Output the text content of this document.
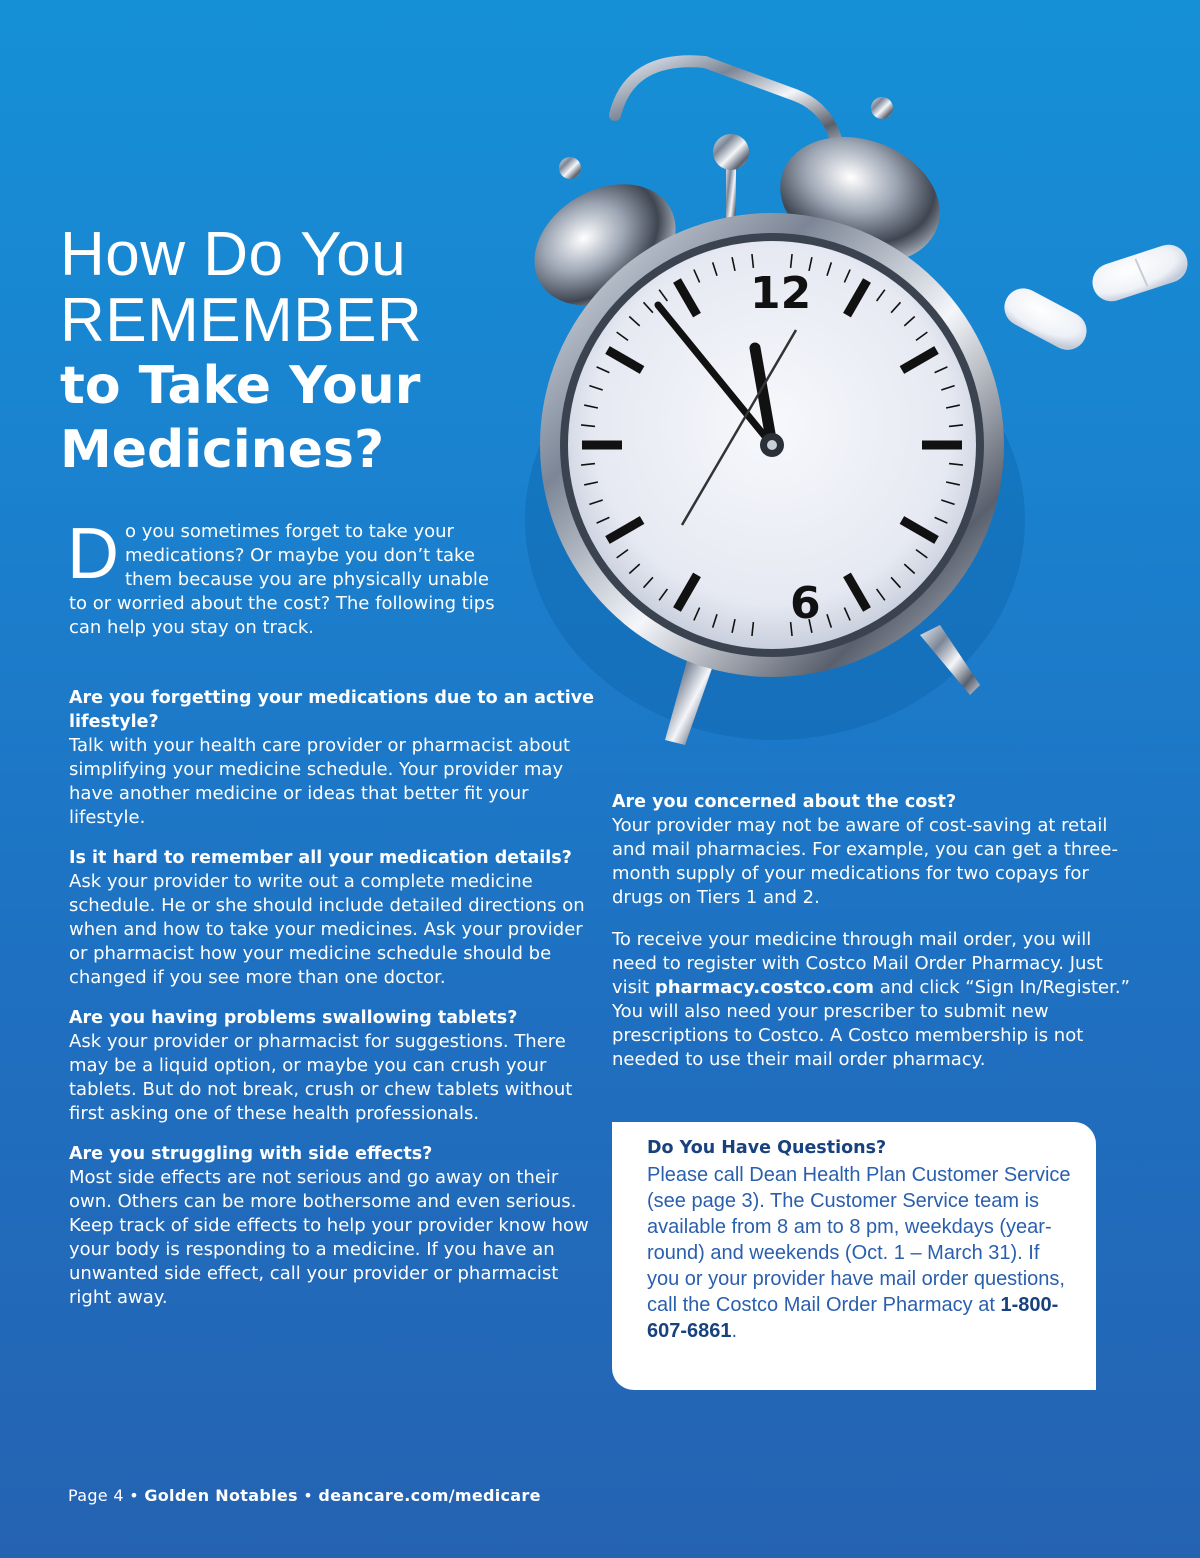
12
6
How Do You
REMEMBER
to Take Your
Medicines?

Do you sometimes forget to take your medications? Or maybe you don’t take them because you are physically unable to or worried about the cost? The following tips can help you stay on track.

Are you forgetting your medications due to an active lifestyle?

Talk with your health care provider or pharmacist about simplifying your medicine schedule. Your provider may have another medicine or ideas that better fit your lifestyle.

Is it hard to remember all your medication details?

Ask your provider to write out a complete medicine schedule. He or she should include detailed directions on when and how to take your medicines. Ask your provider or pharmacist how your medicine schedule should be changed if you see more than one doctor.

Are you having problems swallowing tablets?

Ask your provider or pharmacist for suggestions. There may be a liquid option, or maybe you can crush your tablets. But do not break, crush or chew tablets without first asking one of these health professionals.

Are you struggling with side effects?

Most side effects are not serious and go away on their own. Others can be more bothersome and even serious. Keep track of side effects to help your provider know how your body is responding to a medicine. If you have an unwanted side effect, call your provider or pharmacist right away.

Are you concerned about the cost?

Your provider may not be aware of cost-saving at retail and mail pharmacies. For example, you can get a three-month supply of your medications for two copays for drugs on Tiers 1 and 2.

To receive your medicine through mail order, you will need to register with Costco Mail Order Pharmacy. Just visit pharmacy.costco.com and click “Sign In/Register.” You will also need your prescriber to submit new prescriptions to Costco. A Costco membership is not needed to use their mail order pharmacy.

Do You Have Questions?

Please call Dean Health Plan Customer Service (see page 3). The Customer Service team is available from 8 am to 8 pm, weekdays (year-round) and weekends (Oct. 1 – March 31). If you or your provider have mail order questions, call the Costco Mail Order Pharmacy at 1-800-607-6861.

Page 4 • Golden Notables • deancare.com/medicare
